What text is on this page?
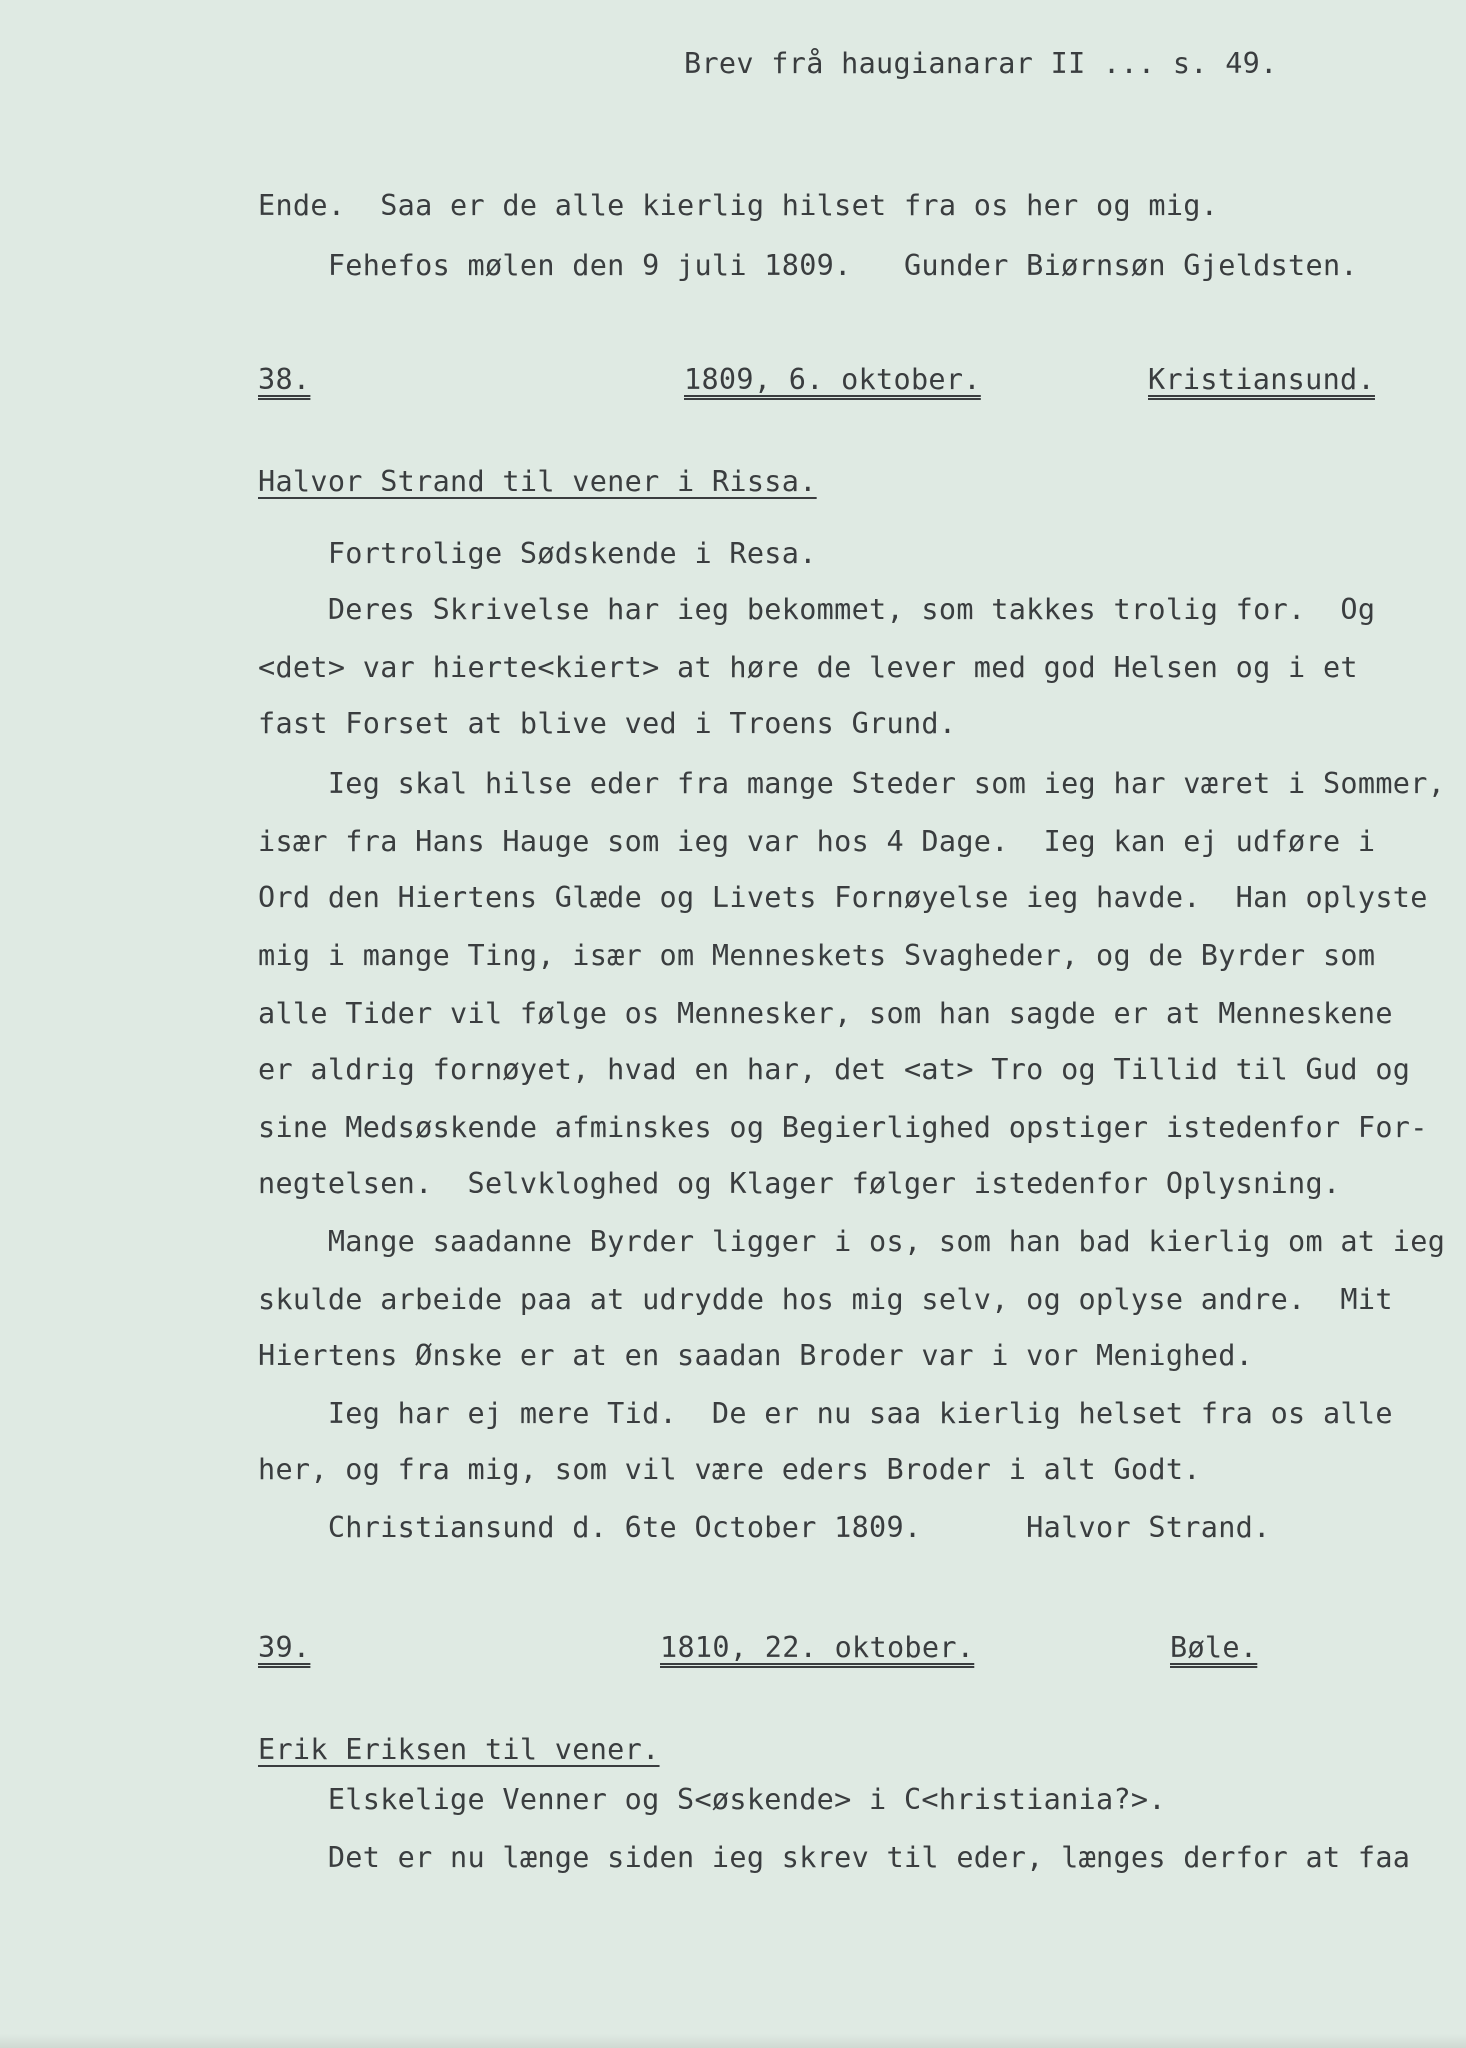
Brev frå haugianarar II ... s. 49.
Ende.  Saa er de alle kierlig hilset fra os her og mig.
Fehefos mølen den 9 juli 1809.   Gunder Biørnsøn Gjeldsten.
38.	1809, 6. oktober.	Kristiansund.
Halvor Strand til vener i Rissa.
Fortrolige Sødskende i Resa.
Deres Skrivelse har ieg bekommet, som takkes trolig for.  Og
<det> var hierte<kiert> at høre de lever med god Helsen og i et
fast Forset at blive ved i Troens Grund.
Ieg skal hilse eder fra mange Steder som ieg har været i Sommer,
især fra Hans Hauge som ieg var hos 4 Dage.  Ieg kan ej udføre i
Ord den Hiertens Glæde og Livets Fornøyelse ieg havde.  Han oplyste
mig i mange Ting, især om Menneskets Svagheder, og de Byrder som
alle Tider vil følge os Mennesker, som han sagde er at Menneskene
er aldrig fornøyet, hvad en har, det <at> Tro og Tillid til Gud og
sine Medsøskende afminskes og Begierlighed opstiger istedenfor For-
negtelsen.  Selvkloghed og Klager følger istedenfor Oplysning.
Mange saadanne Byrder ligger i os, som han bad kierlig om at ieg
skulde arbeide paa at udrydde hos mig selv, og oplyse andre.  Mit
Hiertens Ønske er at en saadan Broder var i vor Menighed.
Ieg har ej mere Tid.  De er nu saa kierlig helset fra os alle
her, og fra mig, som vil være eders Broder i alt Godt.
Christiansund d. 6te October 1809.      Halvor Strand.
39.	1810, 22. oktober.	Bøle.
Erik Eriksen til vener.
Elskelige Venner og S<øskende> i C<hristiania?>.
Det er nu længe siden ieg skrev til eder, længes derfor at faa
